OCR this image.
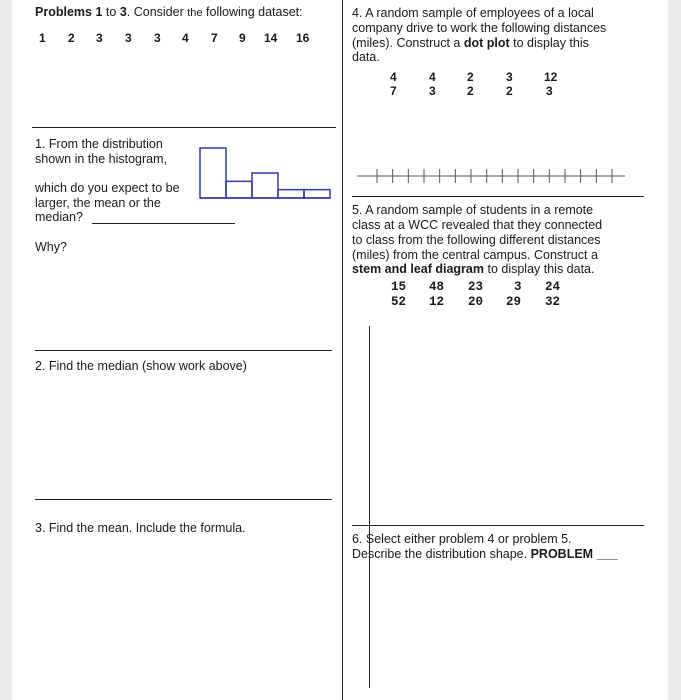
Problems 1 to 3. Consider the following dataset:
1 2 3 3 3 4 7 9 14 16
1. From the distribution
shown in the histogram,
which do you expect to be
larger, the mean or the
median?
Why?
2. Find the median (show work above)
3. Find the mean. Include the formula.
4. A random sample of employees of a local
company drive to work the following distances
(miles). Construct a dot plot to display this
data.
4
7
4
3
2
2
3
2
12
3
5. A random sample of students in a remote
class at a WCC revealed that they connected
to class from the following different distances
(miles) from the central campus. Construct a
stem and leaf diagram to display this data.
15 48 23 3 24
52 12 20 29 32
6. Select either problem 4 or problem 5.
Describe the distribution shape. PROBLEM ___
